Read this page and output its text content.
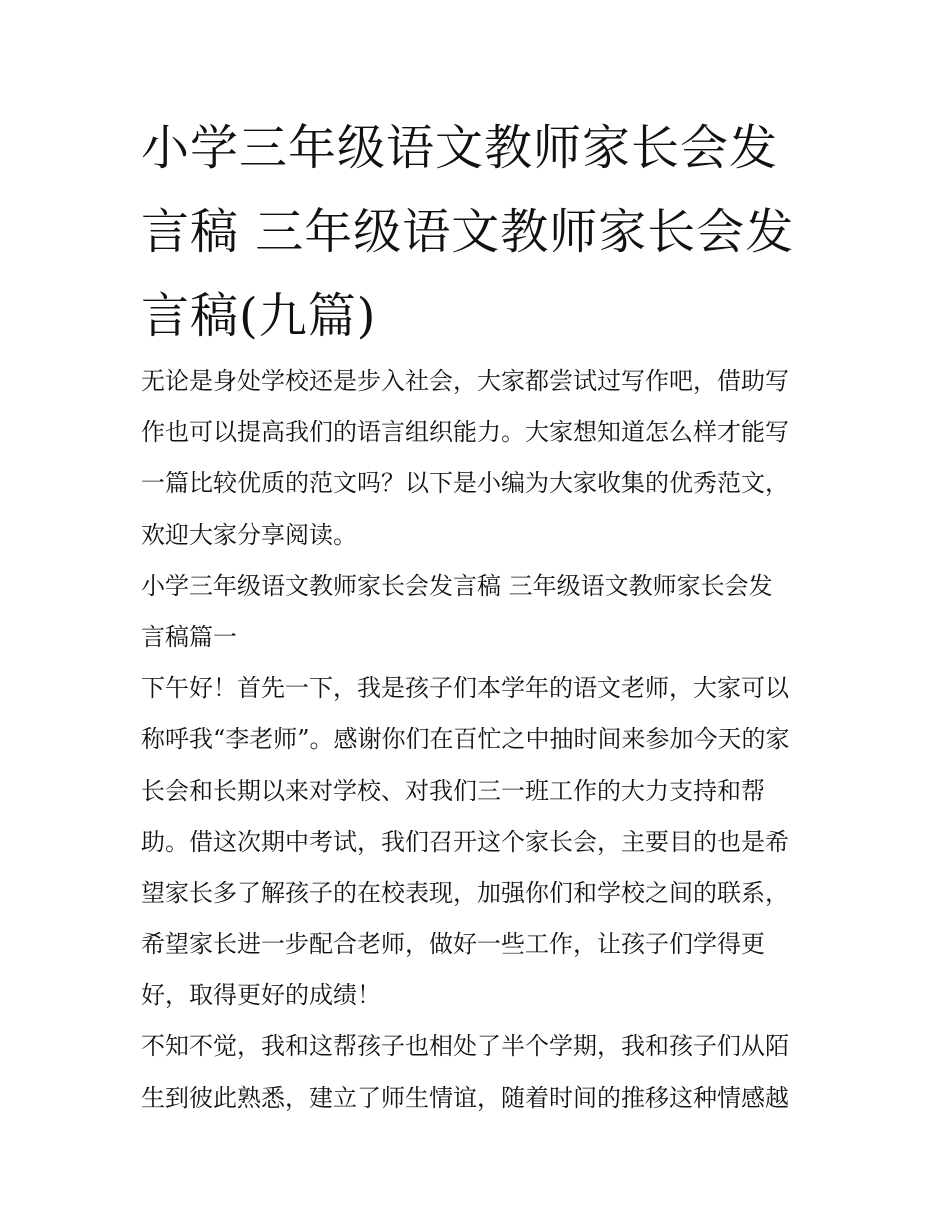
小学三年级语文教师家长会发
言稿 三年级语文教师家长会发
言稿(九篇)
无论是身处学校还是步入社会，大家都尝试过写作吧，借助写
作也可以提高我们的语言组织能力。大家想知道怎么样才能写
一篇比较优质的范文吗？以下是小编为大家收集的优秀范文，
欢迎大家分享阅读。
小学三年级语文教师家长会发言稿 三年级语文教师家长会发
言稿篇一
下午好！首先一下，我是孩子们本学年的语文老师，大家可以
称呼我“李老师”。感谢你们在百忙之中抽时间来参加今天的家
长会和长期以来对学校、对我们三一班工作的大力支持和帮
助。借这次期中考试，我们召开这个家长会，主要目的也是希
望家长多了解孩子的在校表现，加强你们和学校之间的联系，
希望家长进一步配合老师，做好一些工作，让孩子们学得更
好，取得更好的成绩！
不知不觉，我和这帮孩子也相处了半个学期，我和孩子们从陌
生到彼此熟悉，建立了师生情谊，随着时间的推移这种情感越
